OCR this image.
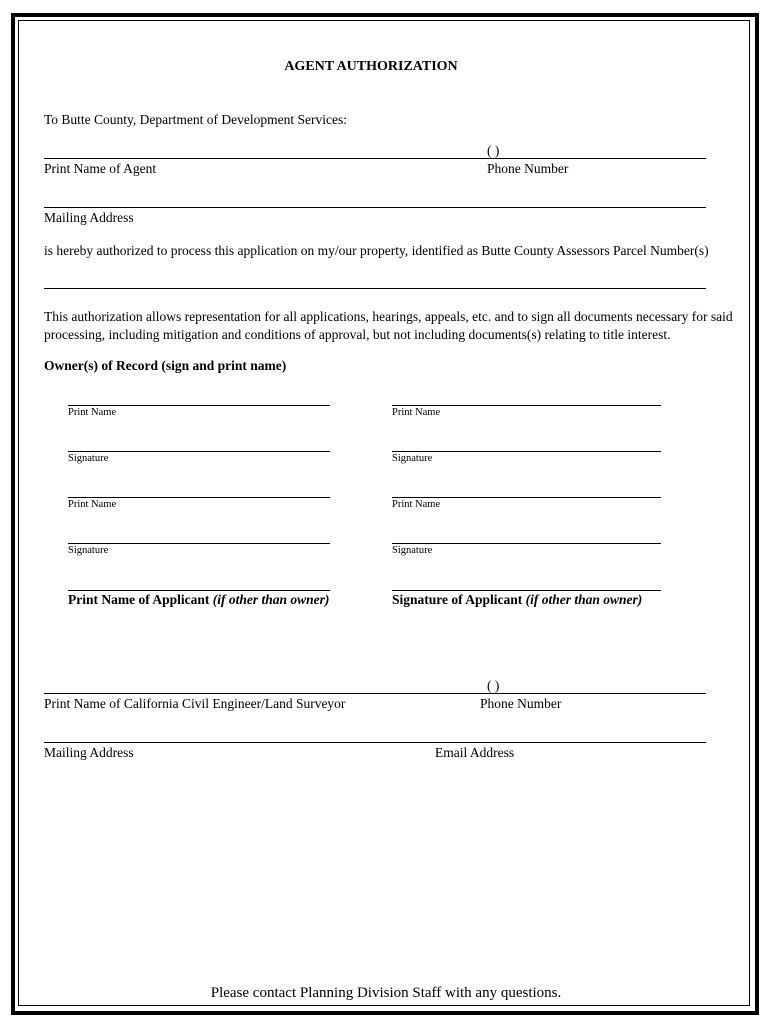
AGENT AUTHORIZATION
To Butte County, Department of Development Services:
( )
Print Name of Agent	Phone Number
Mailing Address
is hereby authorized to process this application on my/our property, identified as Butte County Assessors Parcel Number(s)
This authorization allows representation for all applications, hearings, appeals, etc. and to sign all documents necessary for said processing, including mitigation and conditions of approval, but not including documents(s) relating to title interest.
Owner(s) of Record (sign and print name)
Print Name	Print Name
Signature	Signature
Print Name	Print Name
Signature	Signature
Print Name of Applicant (if other than owner)	Signature of Applicant (if other than owner)
( )
Print Name of California Civil Engineer/Land Surveyor	Phone Number
Mailing Address	Email Address
Please contact Planning Division Staff with any questions.
